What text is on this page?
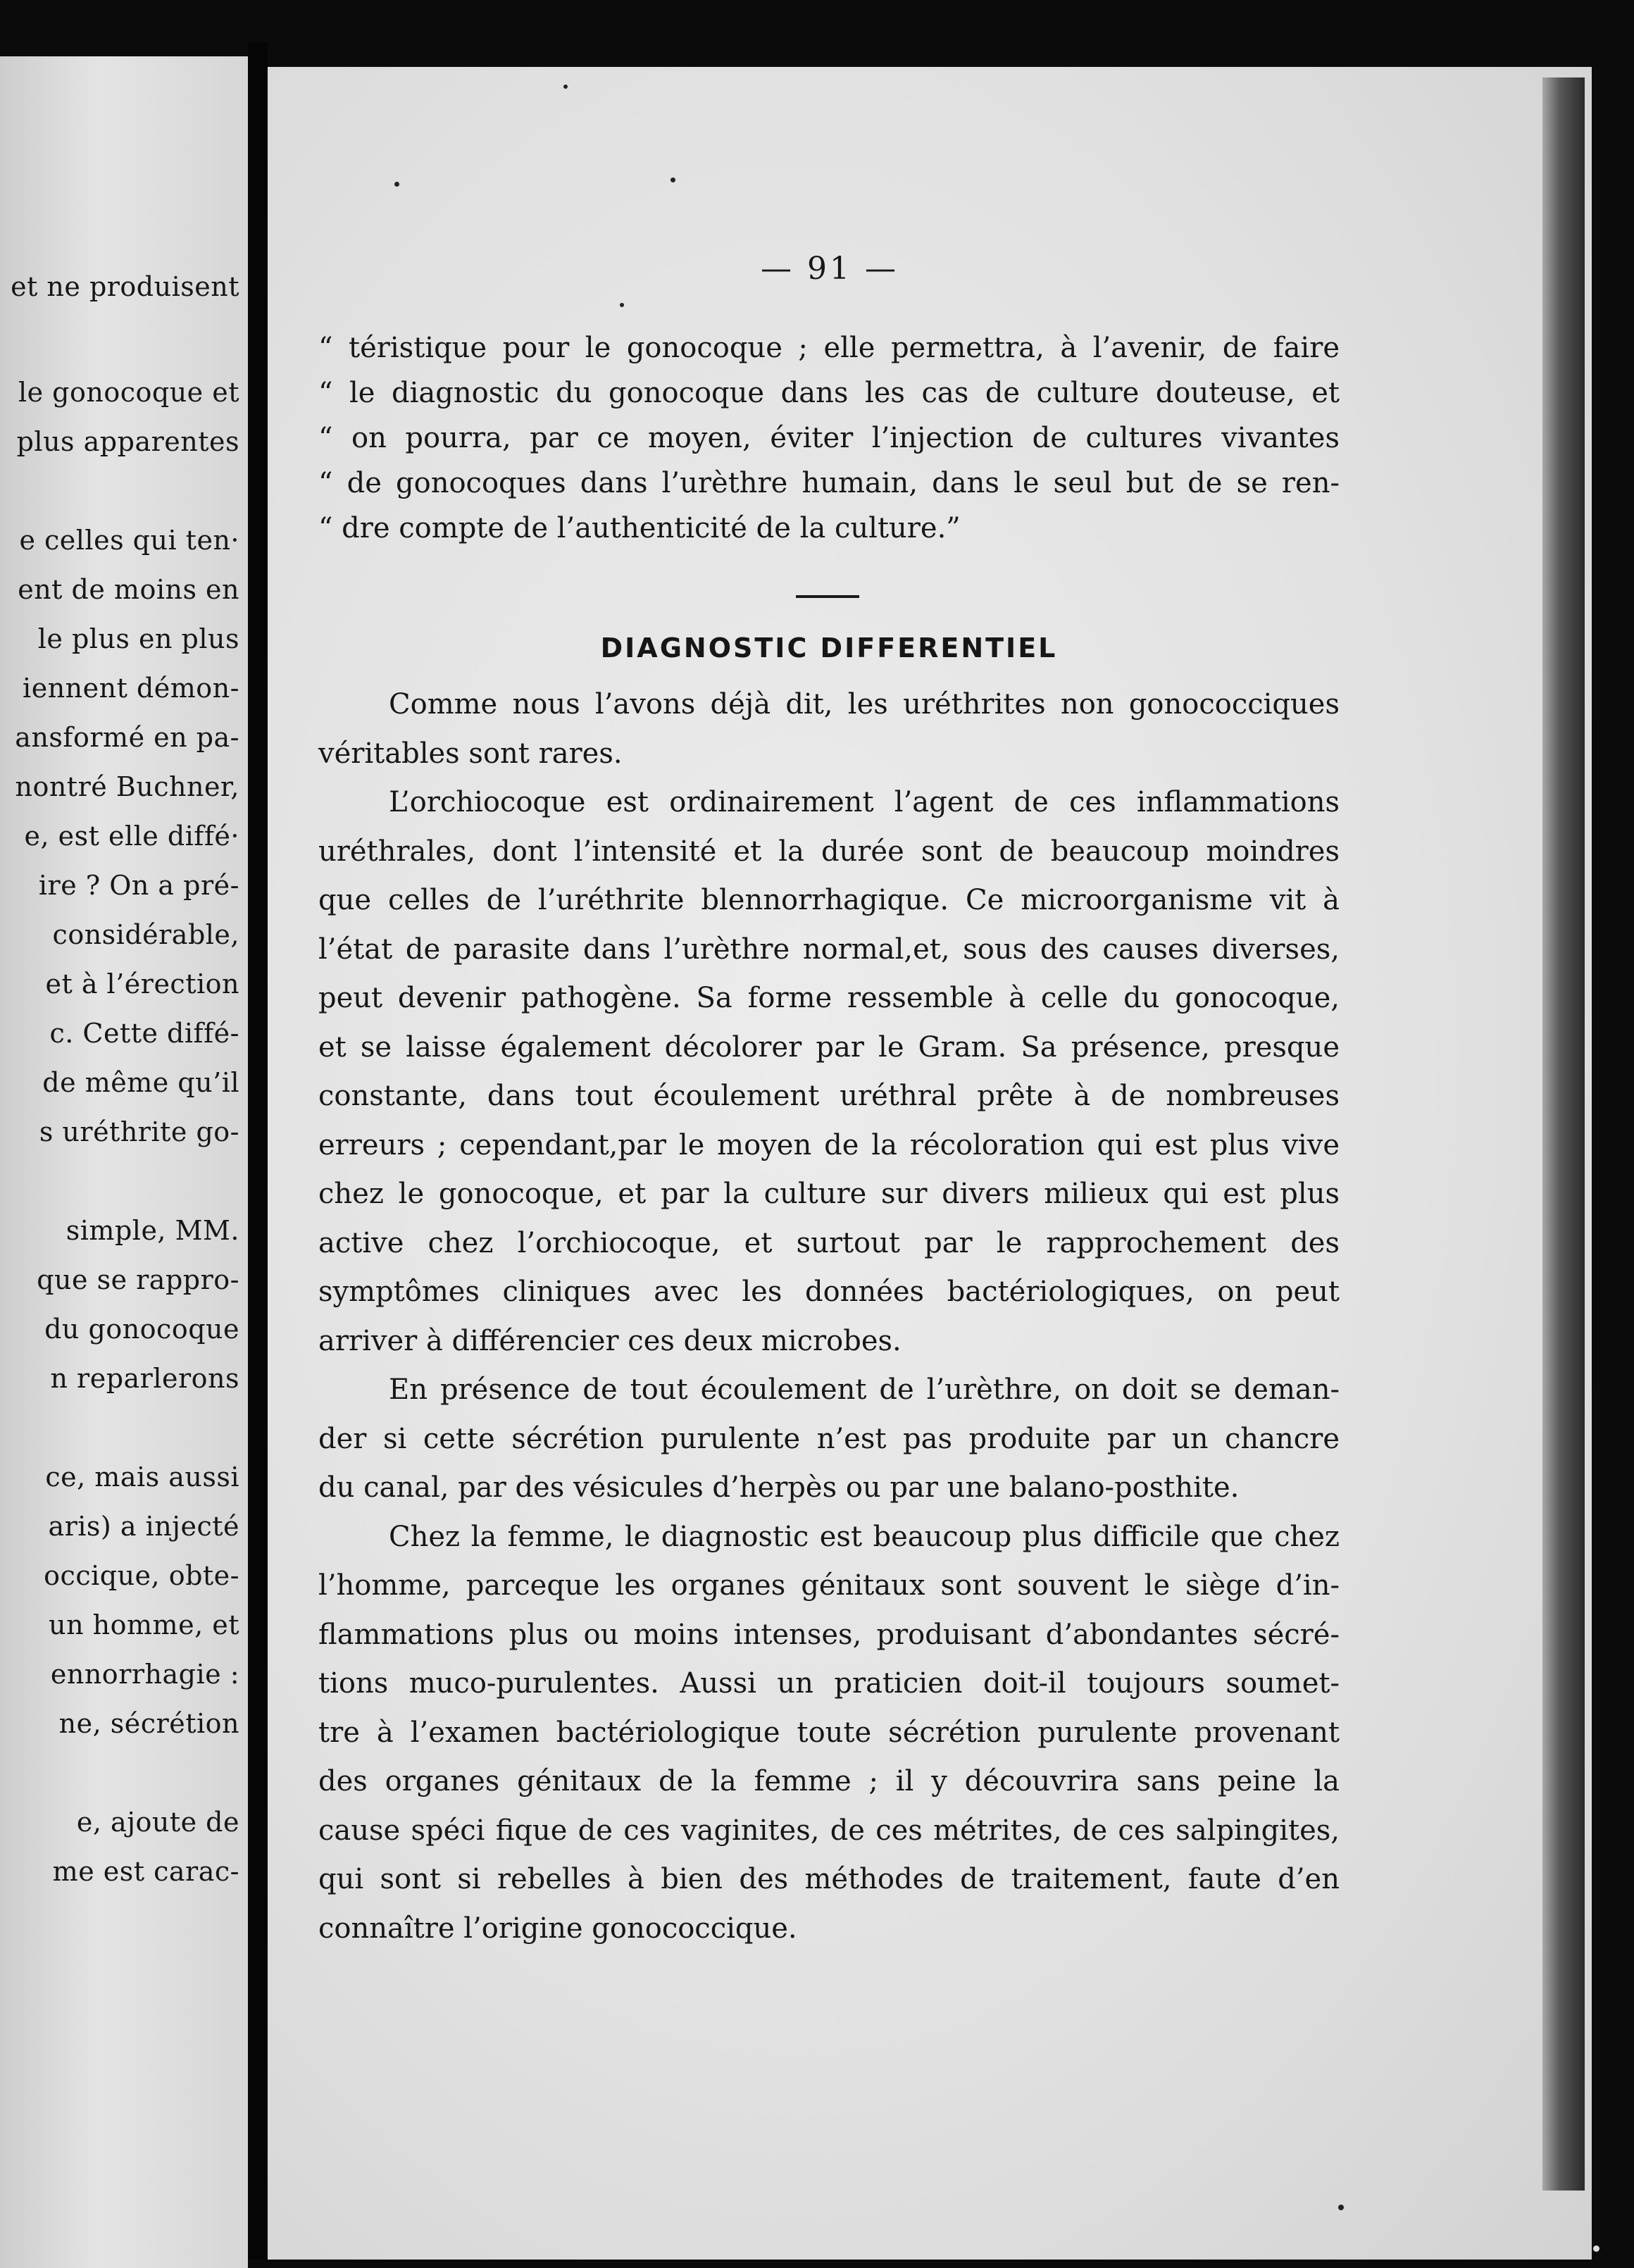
et ne produisent
le gonocoque et
plus apparentes
e celles qui ten·
ent de moins en
le plus en plus
iennent démon-
ansformé en pa-
nontré Buchner,
e, est elle diffé·
ire ? On a pré-
considérable,
et à l’érection
c. Cette diffé-
de même qu’il
s uréthrite go-
simple, MM.
que se rappro-
du gonocoque
n reparlerons
ce, mais aussi
aris) a injecté
occique, obte-
un homme, et
ennorrhagie :
ne, sécrétion
e, ajoute de
me est carac-
— 91 —
“ téristique pour le gonocoque ; elle permettra, à l’avenir, de faire
“ le diagnostic du gonocoque dans les cas de culture douteuse, et
“ on pourra, par ce moyen, éviter l’injection de cultures vivantes
“ de gonocoques dans l’urèthre humain, dans le seul but de se ren-
“ dre compte de l’authenticité de la culture.”
DIAGNOSTIC DIFFERENTIEL
Comme nous l’avons déjà dit, les uréthrites non gonococciques
véritables sont rares.
L’orchiocoque est ordinairement l’agent de ces inflammations
uréthrales, dont l’intensité et la durée sont de beaucoup moindres
que celles de l’uréthrite blennorrhagique. Ce microorganisme vit à
l’état de parasite dans l’urèthre normal,et, sous des causes diverses,
peut devenir pathogène. Sa forme ressemble à celle du gonocoque,
et se laisse également décolorer par le Gram. Sa présence, presque
constante, dans tout écoulement uréthral prête à de nombreuses
erreurs ; cependant,par le moyen de la récoloration qui est plus vive
chez le gonocoque, et par la culture sur divers milieux qui est plus
active chez l’orchiocoque, et surtout par le rapprochement des
symptômes cliniques avec les données bactériologiques, on peut
arriver à différencier ces deux microbes.
En présence de tout écoulement de l’urèthre, on doit se deman-
der si cette sécrétion purulente n’est pas produite par un chancre
du canal, par des vésicules d’herpès ou par une balano-posthite.
Chez la femme, le diagnostic est beaucoup plus difficile que chez
l’homme, parceque les organes génitaux sont souvent le siège d’in-
flammations plus ou moins intenses, produisant d’abondantes sécré-
tions muco-purulentes. Aussi un praticien doit-il toujours soumet-
tre à l’examen bactériologique toute sécrétion purulente provenant
des organes génitaux de la femme ; il y découvrira sans peine la
cause spéci fique de ces vaginites, de ces métrites, de ces salpingites,
qui sont si rebelles à bien des méthodes de traitement, faute d’en
connaître l’origine gonococcique.
